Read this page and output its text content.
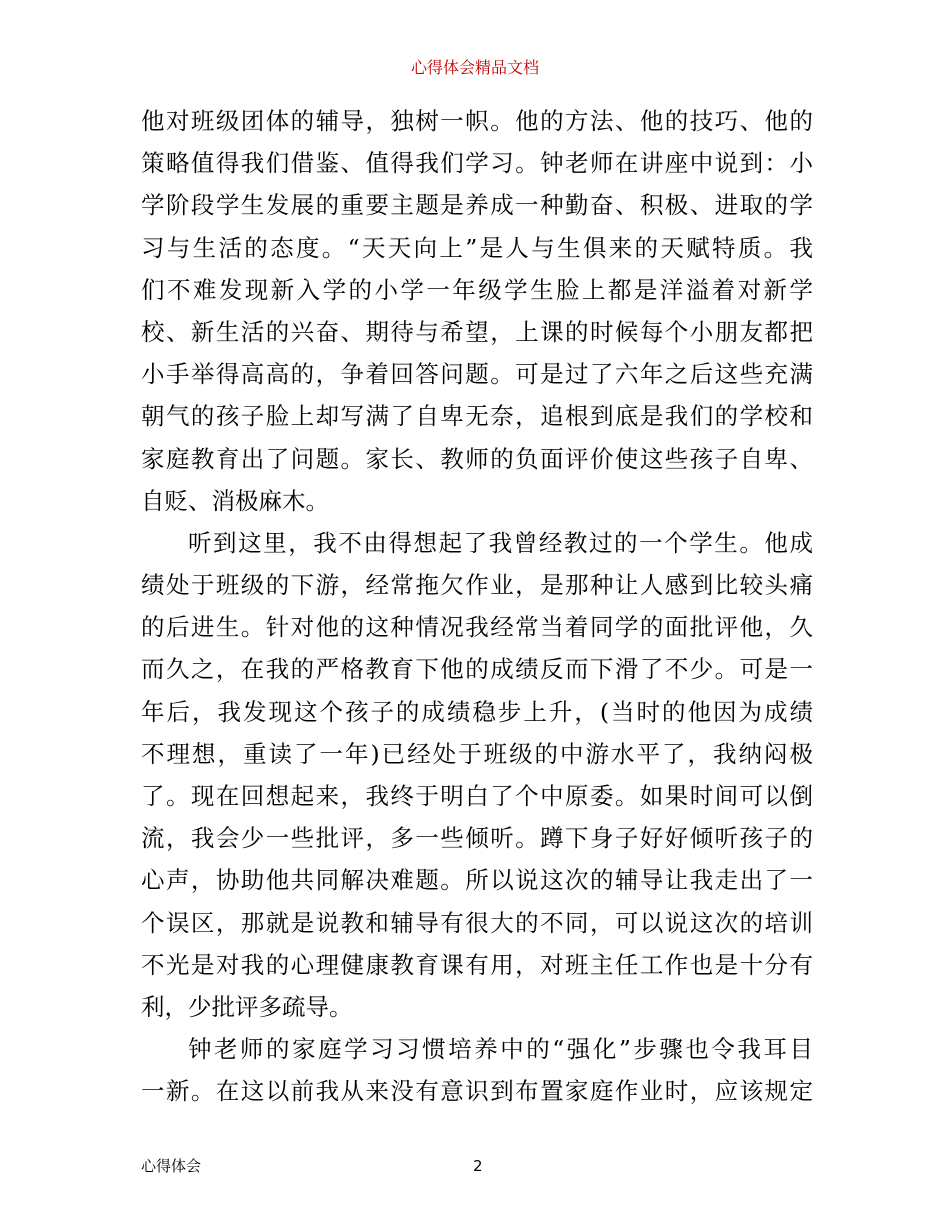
心得体会精品文档
他对班级团体的辅导，独树一帜。他的方法、他的技巧、他的
策略值得我们借鉴、值得我们学习。钟老师在讲座中说到：小
学阶段学生发展的重要主题是养成一种勤奋、积极、进取的学
习与生活的态度。“天天向上”是人与生俱来的天赋特质。我
们不难发现新入学的小学一年级学生脸上都是洋溢着对新学
校、新生活的兴奋、期待与希望，上课的时候每个小朋友都把
小手举得高高的，争着回答问题。可是过了六年之后这些充满
朝气的孩子脸上却写满了自卑无奈，追根到底是我们的学校和
家庭教育出了问题。家长、教师的负面评价使这些孩子自卑、
自贬、消极麻木。
听到这里，我不由得想起了我曾经教过的一个学生。他成
绩处于班级的下游，经常拖欠作业，是那种让人感到比较头痛
的后进生。针对他的这种情况我经常当着同学的面批评他，久
而久之，在我的严格教育下他的成绩反而下滑了不少。可是一
年后，我发现这个孩子的成绩稳步上升，(当时的他因为成绩
不理想，重读了一年)已经处于班级的中游水平了，我纳闷极
了。现在回想起来，我终于明白了个中原委。如果时间可以倒
流，我会少一些批评，多一些倾听。蹲下身子好好倾听孩子的
心声，协助他共同解决难题。所以说这次的辅导让我走出了一
个误区，那就是说教和辅导有很大的不同，可以说这次的培训
不光是对我的心理健康教育课有用，对班主任工作也是十分有
利，少批评多疏导。
钟老师的家庭学习习惯培养中的“强化”步骤也令我耳目
一新。在这以前我从来没有意识到布置家庭作业时，应该规定
心得体会	2
